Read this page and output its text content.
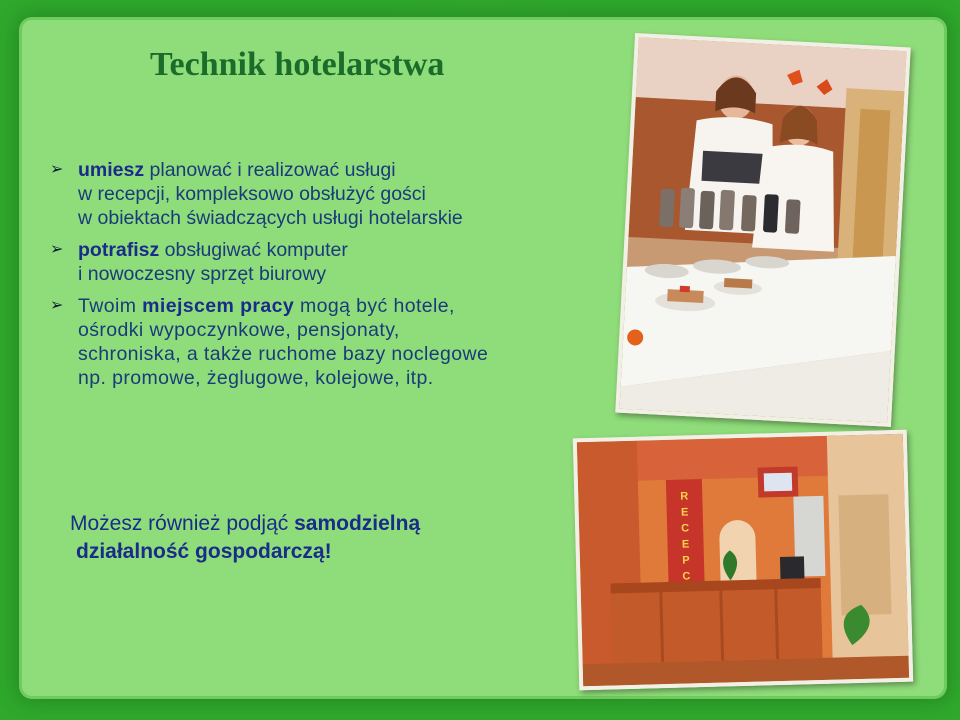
Technik hotelarstwa
➢ umiesz planować i realizować usługi
w recepcji, kompleksowo obsłużyć gości
w obiektach świadczących usługi hotelarskie
➢ potrafisz obsługiwać komputer
i nowoczesny sprzęt biurowy
➢ Twoim miejscem pracy mogą być hotele,
ośrodki wypoczynkowe, pensjonaty,
schroniska, a także ruchome bazy noclegowe
np. promowe, żeglugowe, kolejowe, itp.
Możesz również podjąć samodzielną
działalność gospodarczą!
R
E
C
E
P
C
